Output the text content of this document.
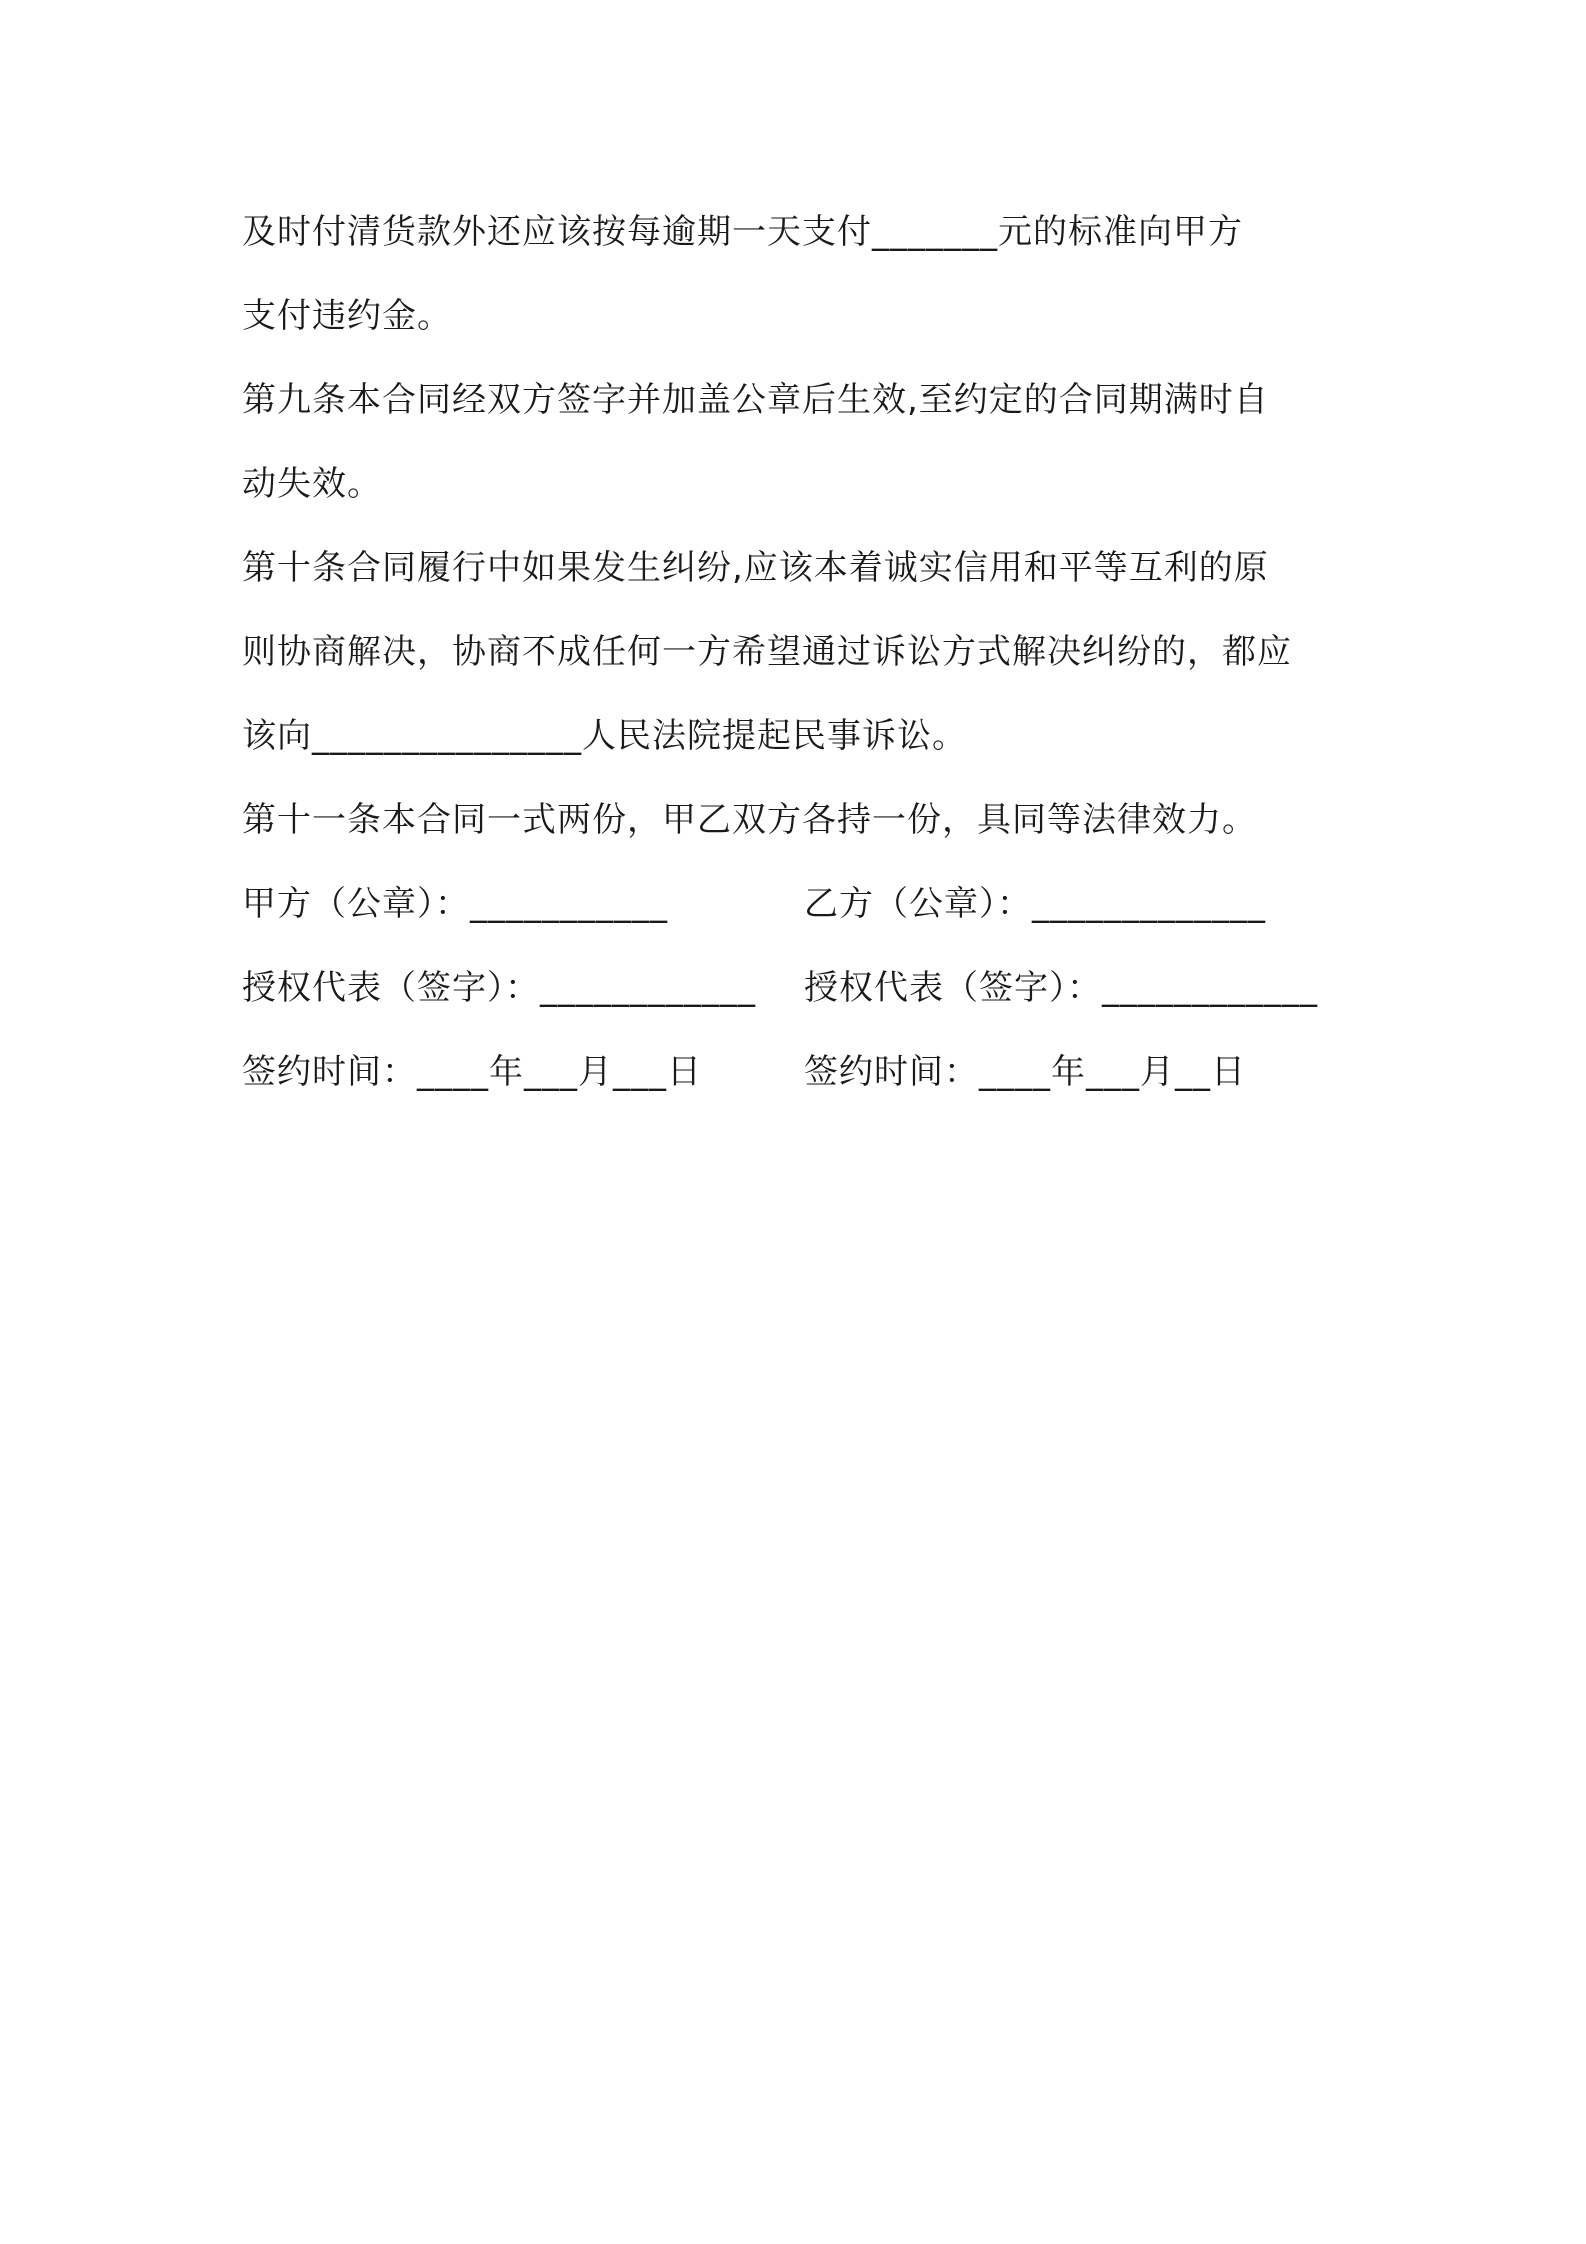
及时付清货款外还应该按每逾期一天支付_______元的标准向甲方
支付违约金。
第九条本合同经双方签字并加盖公章后生效,至约定的合同期满时自
动失效。
第十条合同履行中如果发生纠纷,应该本着诚实信用和平等互利的原
则协商解决，协商不成任何一方希望通过诉讼方式解决纠纷的，都应
该向_______________人民法院提起民事诉讼。
第十一条本合同一式两份，甲乙双方各持一份，具同等法律效力。
甲方（公章）：___________	乙方（公章）：_____________
授权代表（签字）：____________ 授权代表（签字）：____________
签约时间：____年___月___日	签约时间：____年___月__日
